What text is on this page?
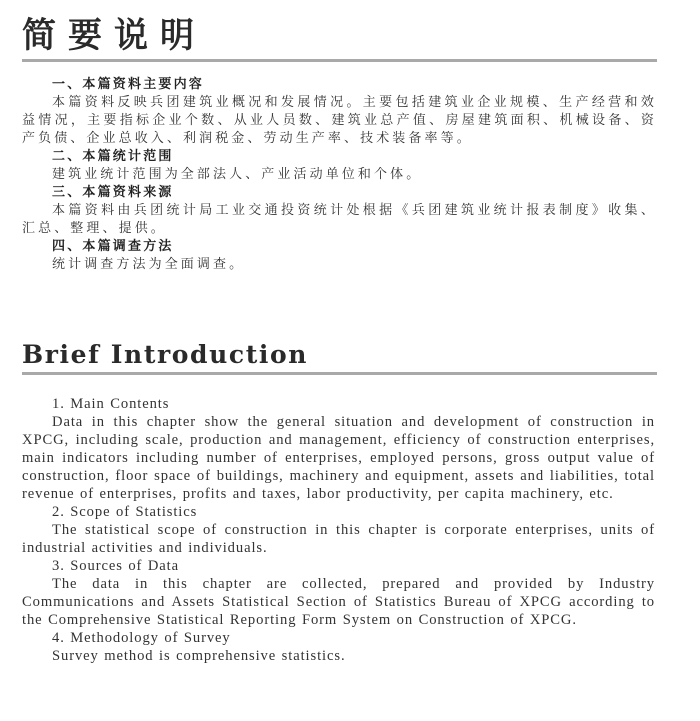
简要说明

一、本篇资料主要内容

本篇资料反映兵团建筑业概况和发展情况。主要包括建筑业企业规模、生产经营和效益情况，主要指标企业个数、从业人员数、建筑业总产值、房屋建筑面积、机械设备、资产负债、企业总收入、利润税金、劳动生产率、技术装备率等。

二、本篇统计范围

建筑业统计范围为全部法人、产业活动单位和个体。

三、本篇资料来源

本篇资料由兵团统计局工业交通投资统计处根据《兵团建筑业统计报表制度》收集、汇总、整理、提供。

四、本篇调查方法

统计调查方法为全面调查。

Brief Introduction

1. Main Contents

Data in this chapter show the general situation and development of construction in XPCG, including scale, production and management, efficiency of construction enterprises, main indicators including number of enterprises, employed persons, gross output value of construction, floor space of buildings, machinery and equipment, assets and liabilities, total revenue of enterprises, profits and taxes, labor productivity, per capita machinery, etc.

2. Scope of Statistics

The statistical scope of construction in this chapter is corporate enterprises, units of industrial activities and individuals.

3. Sources of Data

The data in this chapter are collected, prepared and provided by Industry Communications and Assets Statistical Section of Statistics Bureau of XPCG according to the Comprehensive Statistical Reporting Form System on Construction of XPCG.

4. Methodology of Survey

Survey method is comprehensive statistics.
